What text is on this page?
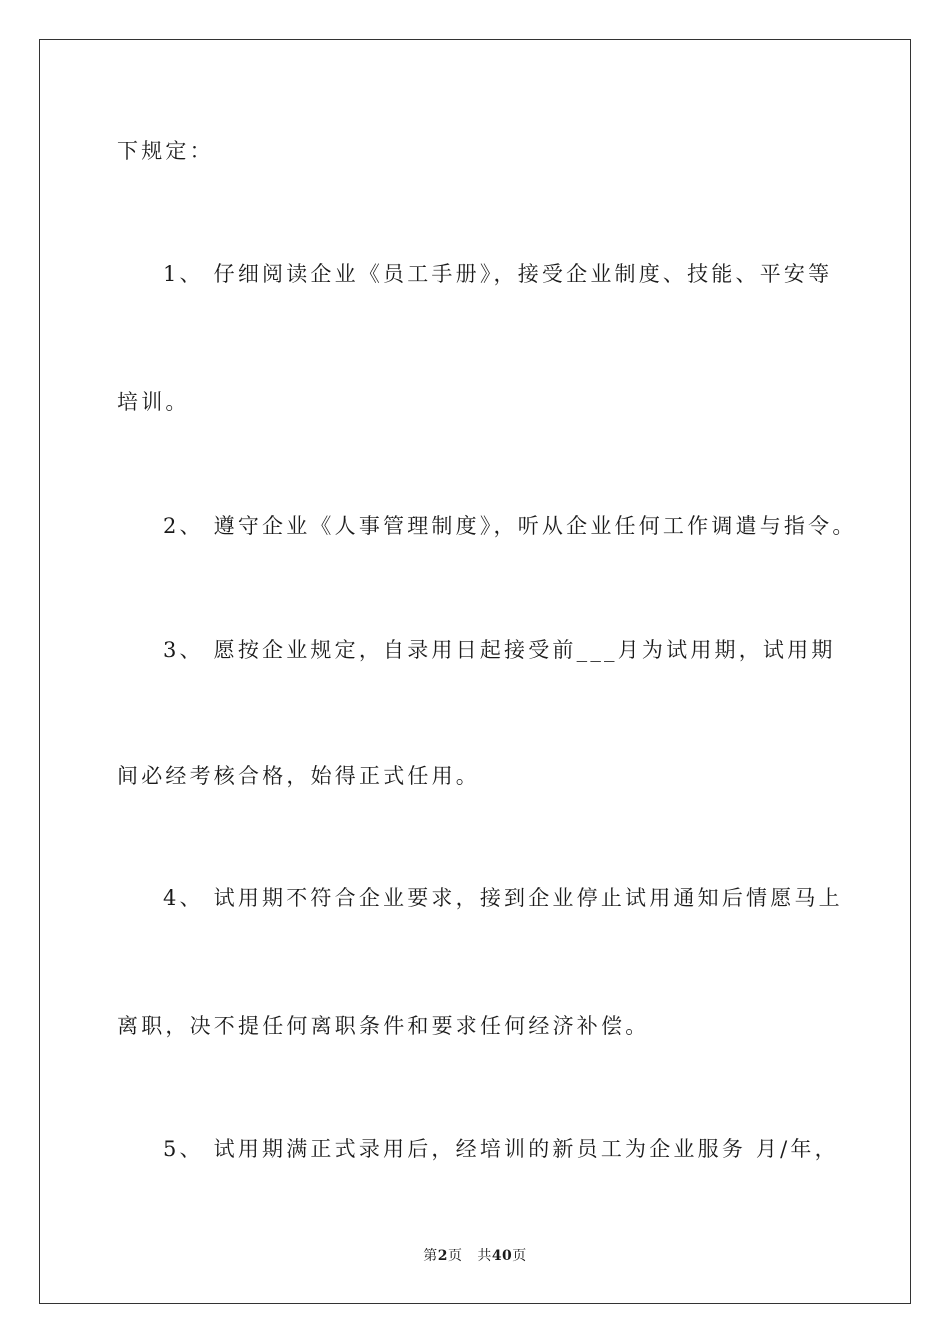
下规定：
1、 仔细阅读企业《员工手册》，接受企业制度、技能、平安等
培训。
2、 遵守企业《人事管理制度》，听从企业任何工作调遣与指令。
3、 愿按企业规定，自录用日起接受前___月为试用期，试用期
间必经考核合格，始得正式任用。
4、 试用期不符合企业要求，接到企业停止试用通知后情愿马上
离职，决不提任何离职条件和要求任何经济补偿。
5、 试用期满正式录用后，经培训的新员工为企业服务 月/年，
第2页 共40页
